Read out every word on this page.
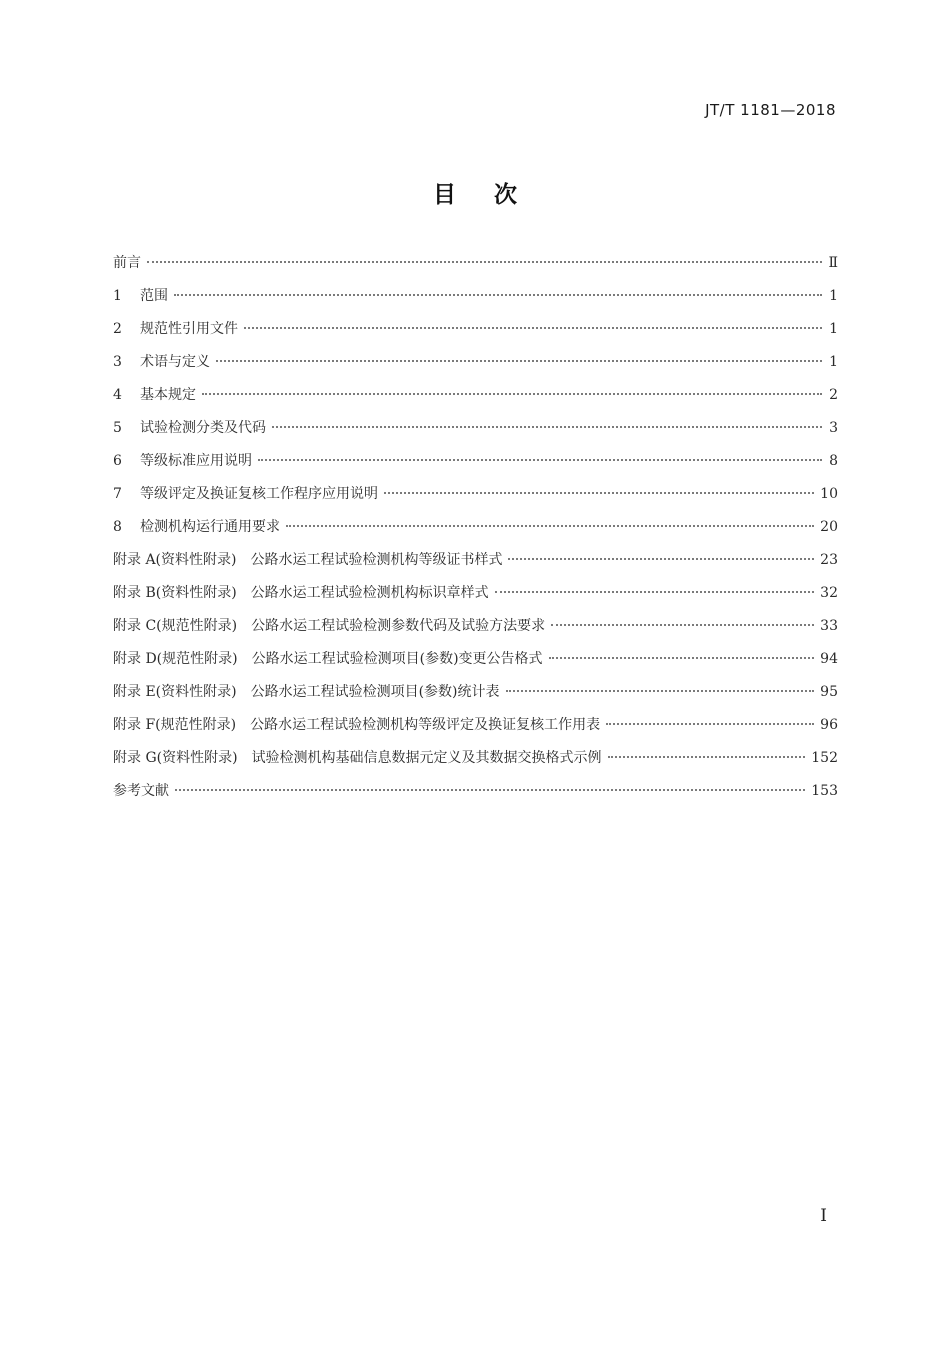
JT/T 1181—2018
目次
前言	Ⅱ
1	范围	1
2	规范性引用文件	1
3	术语与定义	1
4	基本规定	2
5	试验检测分类及代码	3
6	等级标准应用说明	8
7	等级评定及换证复核工作程序应用说明	10
8	检测机构运行通用要求	20
附录 A(资料性附录) 公路水运工程试验检测机构等级证书样式	23
附录 B(资料性附录) 公路水运工程试验检测机构标识章样式	32
附录 C(规范性附录) 公路水运工程试验检测参数代码及试验方法要求	33
附录 D(规范性附录) 公路水运工程试验检测项目(参数)变更公告格式	94
附录 E(资料性附录) 公路水运工程试验检测项目(参数)统计表	95
附录 F(规范性附录) 公路水运工程试验检测机构等级评定及换证复核工作用表	96
附录 G(资料性附录) 试验检测机构基础信息数据元定义及其数据交换格式示例	152
参考文献	153
I
